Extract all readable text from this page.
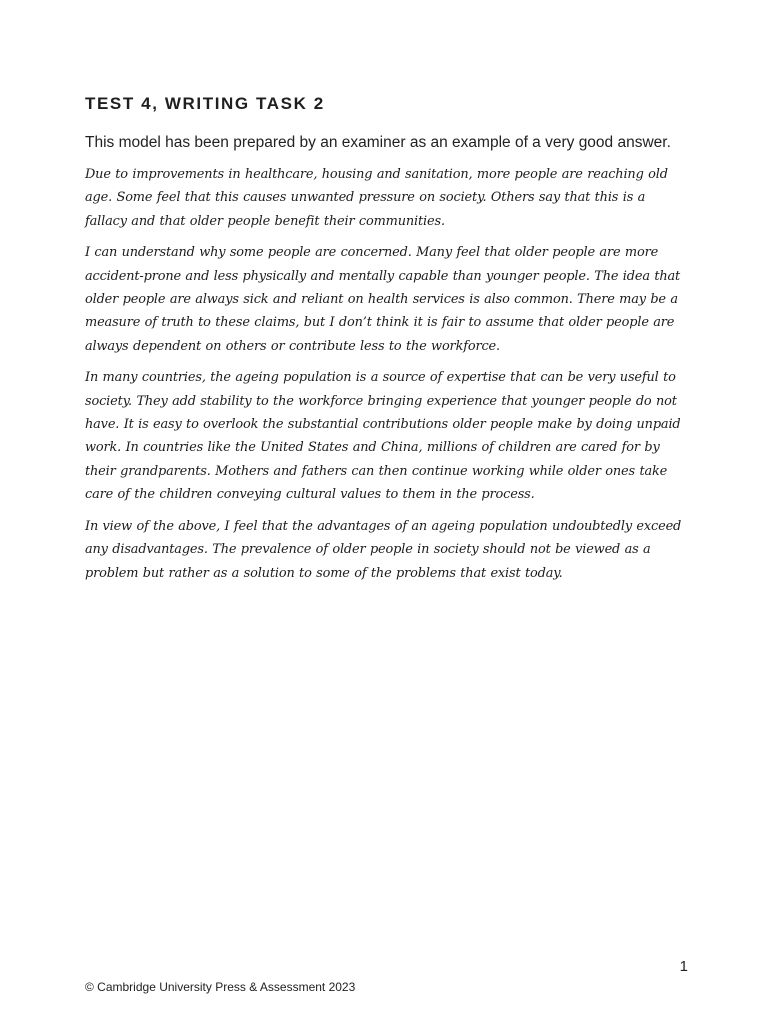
TEST 4, WRITING TASK 2

This model has been prepared by an examiner as an example of a very good answer.

Due to improvements in healthcare, housing and sanitation, more people are reaching old age. Some feel that this causes unwanted pressure on society. Others say that this is a fallacy and that older people benefit their communities.

I can understand why some people are concerned. Many feel that older people are more accident-prone and less physically and mentally capable than younger people. The idea that older people are always sick and reliant on health services is also common. There may be a measure of truth to these claims, but I don’t think it is fair to assume that older people are always dependent on others or contribute less to the workforce.

In many countries, the ageing population is a source of expertise that can be very useful to society. They add stability to the workforce bringing experience that younger people do not have. It is easy to overlook the substantial contributions older people make by doing unpaid work. In countries like the United States and China, millions of children are cared for by their grandparents. Mothers and fathers can then continue working while older ones take care of the children conveying cultural values to them in the process.

In view of the above, I feel that the advantages of an ageing population undoubtedly exceed any disadvantages. The prevalence of older people in society should not be viewed as a problem but rather as a solution to some of the problems that exist today.

1
© Cambridge University Press & Assessment 2023
